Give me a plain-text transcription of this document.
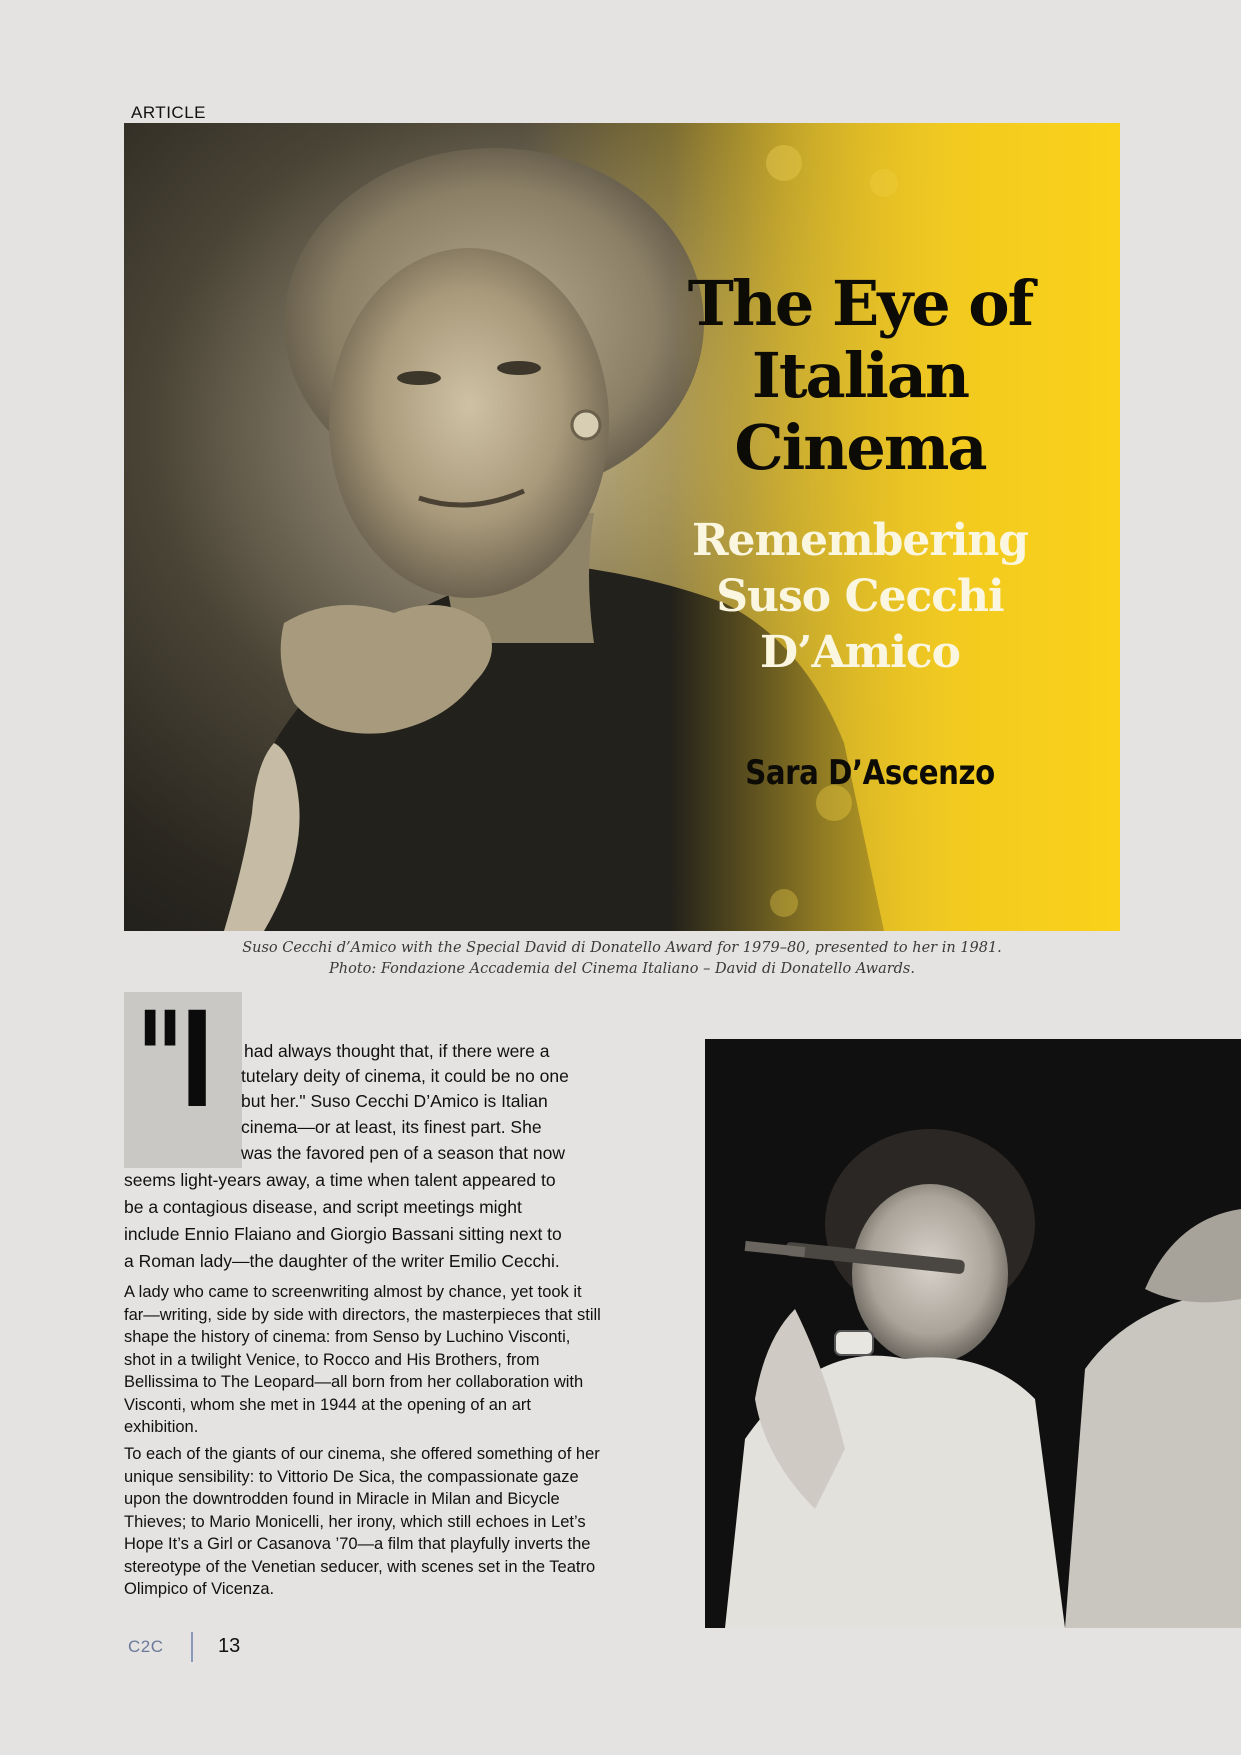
ARTICLE
The Eye of Italian Cinema
Remembering Suso Cecchi D’Amico
Sara D’Ascenzo
Suso Cecchi d’Amico with the Special David di Donatello Award for 1979–80, presented to her in 1981.
Photo: Fondazione Accademia del Cinema Italiano – David di Donatello Awards.
"I had always thought that, if there were a
tutelary deity of cinema, it could be no one
but her." Suso Cecchi D’Amico is Italian
cinema—or at least, its finest part. She
was the favored pen of a season that now
seems light-years away, a time when talent appeared to
be a contagious disease, and script meetings might
include Ennio Flaiano and Giorgio Bassani sitting next to
a Roman lady—the daughter of the writer Emilio Cecchi.

A lady who came to screenwriting almost by chance, yet took it far—writing, side by side with directors, the masterpieces that still shape the history of cinema: from Senso by Luchino Visconti, shot in a twilight Venice, to Rocco and His Brothers, from Bellissima to The Leopard—all born from her collaboration with Visconti, whom she met in 1944 at the opening of an art exhibition.

To each of the giants of our cinema, she offered something of her unique sensibility: to Vittorio De Sica, the compassionate gaze upon the downtrodden found in Miracle in Milan and Bicycle Thieves; to Mario Monicelli, her irony, which still echoes in Let’s Hope It’s a Girl or Casanova ’70—a film that playfully inverts the stereotype of the Venetian seducer, with scenes set in the Teatro Olimpico of Vicenza.

C2C	13
